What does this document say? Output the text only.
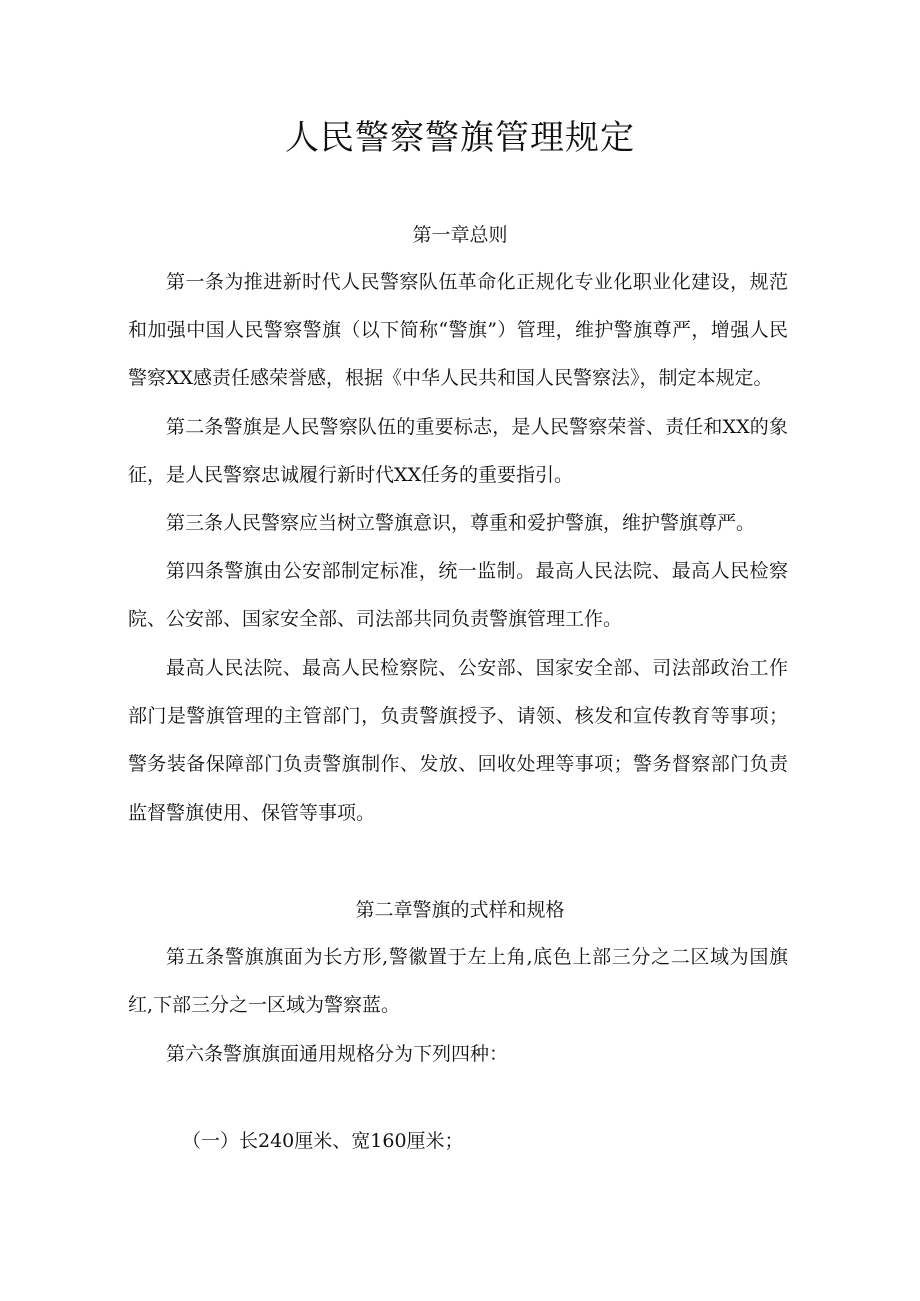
人民警察警旗管理规定
第一章总则

第一条为推进新时代人民警察队伍革命化正规化专业化职业化建设，规范和加强中国人民警察警旗（以下简称“警旗”）管理，维护警旗尊严，增强人民警察XX感责任感荣誉感，根据《中华人民共和国人民警察法》，制定本规定。

第二条警旗是人民警察队伍的重要标志，是人民警察荣誉、责任和XX的象征，是人民警察忠诚履行新时代XX任务的重要指引。

第三条人民警察应当树立警旗意识，尊重和爱护警旗，维护警旗尊严。

第四条警旗由公安部制定标准，统一监制。最高人民法院、最高人民检察院、公安部、国家安全部、司法部共同负责警旗管理工作。

最高人民法院、最高人民检察院、公安部、国家安全部、司法部政治工作部门是警旗管理的主管部门，负责警旗授予、请领、核发和宣传教育等事项；警务装备保障部门负责警旗制作、发放、回收处理等事项；警务督察部门负责监督警旗使用、保管等事项。

第二章警旗的式样和规格

第五条警旗旗面为长方形,警徽置于左上角,底色上部三分之二区域为国旗红,下部三分之一区域为警察蓝。

第六条警旗旗面通用规格分为下列四种：

（一）长240厘米、宽160厘米；
